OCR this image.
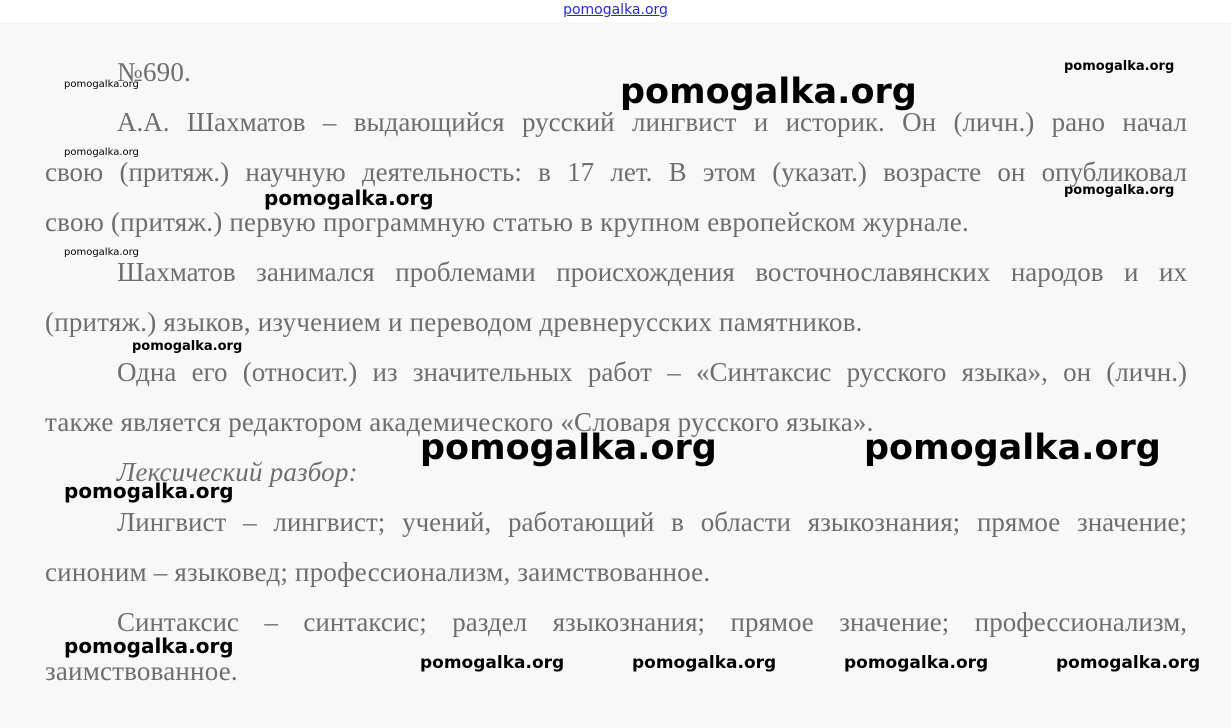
pomogalka.org
№690.
А.А. Шахматов – выдающийся русский лингвист и историк. Он (личн.) рано начал
свою (притяж.) научную деятельность: в 17 лет. В этом (указат.) возрасте он опубликовал
свою (притяж.) первую программную статью в крупном европейском журнале.
Шахматов занимался проблемами происхождения восточнославянских народов и их
(притяж.) языков, изучением и переводом древнерусских памятников.
Одна его (относит.) из значительных работ – «Синтаксис русского языка», он (личн.)
также является редактором академического «Словаря русского языка».
Лексический разбор:
Лингвист – лингвист; учений, работающий в области языкознания; прямое значение;
синоним – языковед; профессионализм, заимствованное.
Синтаксис – синтаксис; раздел языкознания; прямое значение; профессионализм,
заимствованное.
pomogalka.org
pomogalka.org
pomogalka.org
pomogalka.org
pomogalka.org
pomogalka.org
pomogalka.org
pomogalka.org
pomogalka.org	pomogalka.org
pomogalka.org
pomogalka.org
pomogalka.org	pomogalka.org	pomogalka.org	pomogalka.org
